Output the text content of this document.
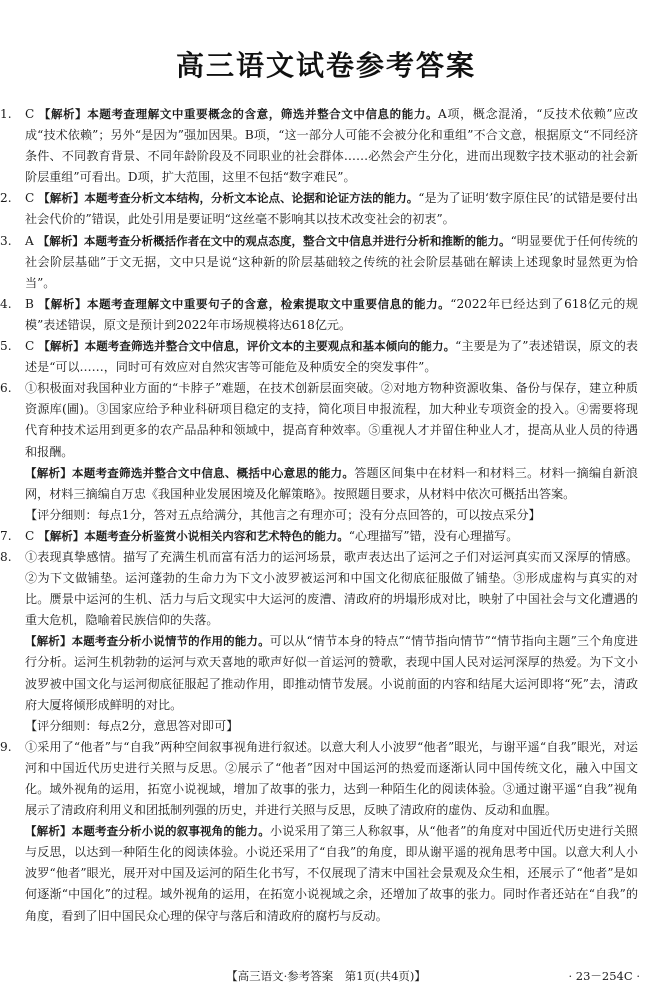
高三语文试卷参考答案
1. C 【解析】本题考查理解文中重要概念的含意，筛选并整合文中信息的能力。A项，概念混淆，“反技术依赖”应改成“技术依赖”；另外“是因为”强加因果。B项，“这一部分人可能不会被分化和重组”不合文意，根据原文“不同经济条件、不同教育背景、不同年龄阶段及不同职业的社会群体……必然会产生分化，进而出现数字技术驱动的社会新阶层重组”可看出。D项，扩大范围，这里不包括“数字难民”。
2. C 【解析】本题考查分析文本结构，分析文本论点、论据和论证方法的能力。“是为了证明‘数字原住民’的试错是要付出社会代价的”错误，此处引用是要证明“这丝毫不影响其以技术改变社会的初衷”。
3. A 【解析】本题考查分析概括作者在文中的观点态度，整合文中信息并进行分析和推断的能力。“明显要优于任何传统的社会阶层基础”于文无据，文中只是说“这种新的阶层基础较之传统的社会阶层基础在解读上述现象时显然更为恰当”。
4. B 【解析】本题考查理解文中重要句子的含意，检索提取文中重要信息的能力。“2022年已经达到了618亿元的规模”表述错误，原文是预计到2022年市场规模将达618亿元。
5. C 【解析】本题考查筛选并整合文中信息，评价文本的主要观点和基本倾向的能力。“主要是为了”表述错误，原文的表述是“可以……，同时可有效应对自然灾害等可能危及种质安全的突发事件”。
6. ①积极面对我国种业方面的“卡脖子”难题，在技术创新层面突破。②对地方物种资源收集、备份与保存，建立种质资源库(圃)。③国家应给予种业科研项目稳定的支持，简化项目申报流程，加大种业专项资金的投入。④需要将现代育种技术运用到更多的农产品品种和领域中，提高育种效率。⑤重视人才并留住种业人才，提高从业人员的待遇和报酬。
【解析】本题考查筛选并整合文中信息、概括中心意思的能力。答题区间集中在材料一和材料三。材料一摘编自新浪网，材料三摘编自万忠《我国种业发展困境及化解策略》。按照题目要求，从材料中依次可概括出答案。
【评分细则：每点1分，答对五点给满分，其他言之有理亦可；没有分点回答的，可以按点采分】
7. C 【解析】本题考查分析鉴赏小说相关内容和艺术特色的能力。“心理描写”错，没有心理描写。
8. ①表现真挚感情。描写了充满生机而富有活力的运河场景，歌声表达出了运河之子们对运河真实而又深厚的情感。②为下文做铺垫。运河蓬勃的生命力为下文小波罗被运河和中国文化彻底征服做了铺垫。③形成虚构与真实的对比。赝景中运河的生机、活力与后文现实中大运河的废漕、清政府的坍塌形成对比，映射了中国社会与文化遭遇的重大危机，隐喻着民族信仰的失落。
【解析】本题考查分析小说情节的作用的能力。可以从“情节本身的特点”“情节指向情节”“情节指向主题”三个角度进行分析。运河生机勃勃的运河与欢天喜地的歌声好似一首运河的赞歌，表现中国人民对运河深厚的热爱。为下文小波罗被中国文化与运河彻底征服起了推动作用，即推动情节发展。小说前面的内容和结尾大运河即将“死”去，清政府大厦将倾形成鲜明的对比。
【评分细则：每点2分，意思答对即可】
9. ①采用了“他者”与“自我”两种空间叙事视角进行叙述。以意大利人小波罗“他者”眼光，与谢平遥“自我”眼光，对运河和中国近代历史进行关照与反思。②展示了“他者”因对中国运河的热爱而逐渐认同中国传统文化，融入中国文化。域外视角的运用，拓宽小说视域，增加了故事的张力，达到一种陌生化的阅读体验。③通过谢平遥“自我”视角展示了清政府利用义和团抵制列强的历史，并进行关照与反思，反映了清政府的虚伪、反动和血腥。
【解析】本题考查分析小说的叙事视角的能力。小说采用了第三人称叙事，从“他者”的角度对中国近代历史进行关照与反思，以达到一种陌生化的阅读体验。小说还采用了“自我”的角度，即从谢平遥的视角思考中国。以意大利人小波罗“他者”眼光，展开对中国及运河的陌生化书写，不仅展现了清末中国社会景观及众生相，还展示了“他者”是如何逐渐“中国化”的过程。域外视角的运用，在拓宽小说视域之余，还增加了故事的张力。同时作者还站在“自我”的角度，看到了旧中国民众心理的保守与落后和清政府的腐朽与反动。
【高三语文·参考答案　第1页(共4页)】	· 23－254C ·
